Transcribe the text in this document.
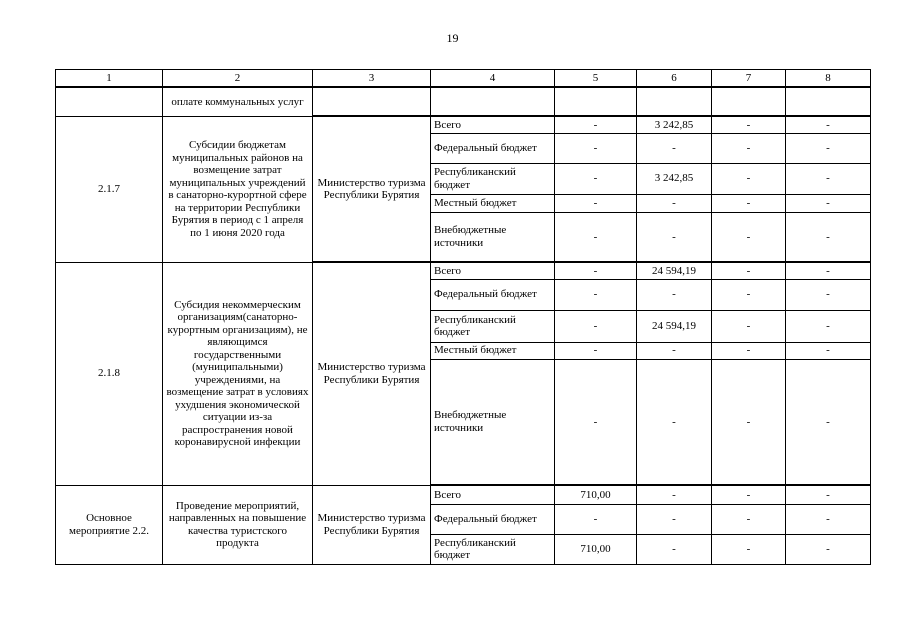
19
1	2	3	4	5	6	7	8
	оплате коммунальных услуг						
2.1.7	Субсидии бюджетам муниципальных районов на возмещение затрат муниципальных учреждений в санаторно-курортной сфере на территории Республики Бурятия в период с 1 апреля по 1 июня 2020 года	Министерство туризма Республики Бурятия	Всего	-	3 242,85	-	-
			Федеральный бюджет	-	-	-	-
			Республиканский бюджет	-	3 242,85	-	-
			Местный бюджет	-	-	-	-
			Внебюджетные источники	-	-	-	-
2.1.8	Субсидия некоммерческим организациям(санаторно-курортным организациям), не являющимся государственными (муниципальными) учреждениями, на возмещение затрат в условиях ухудшения экономической ситуации из-за распространения новой коронавирусной инфекции	Министерство туризма Республики Бурятия	Всего	-	24 594,19	-	-
			Федеральный бюджет	-	-	-	-
			Республиканский бюджет	-	24 594,19	-	-
			Местный бюджет	-	-	-	-
			Внебюджетные источники	-	-	-	-
Основное мероприятие 2.2.	Проведение мероприятий, направленных на повышение качества туристского продукта	Министерство туризма Республики Бурятия	Всего	710,00	-	-	-
			Федеральный бюджет	-	-	-	-
			Республиканский бюджет	710,00	-	-	-
